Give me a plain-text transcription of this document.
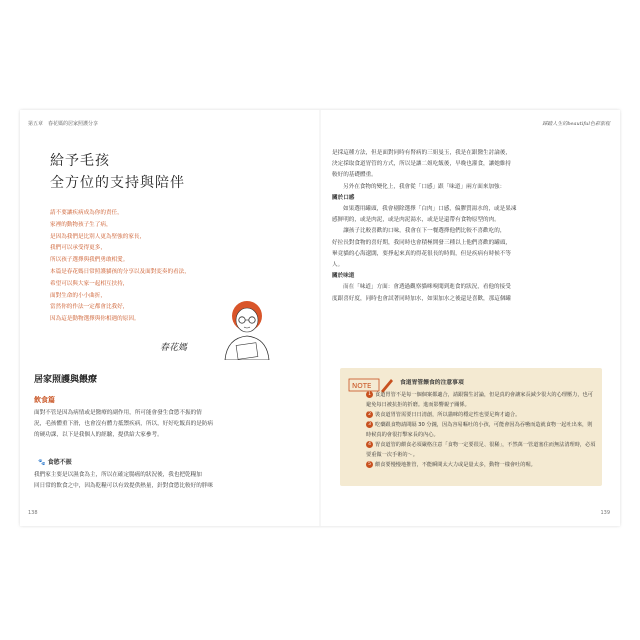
第五章　春花媽的居家照護分享
給予毛孩
全方位的支持與陪伴

請不要讓疾病成為你的責任，

家裡的動物孩子生了病，

是因為我們是比別人更為堅強的家長，

我們可以承受得更多，

所以孩子選擇與我們勇敢相愛。

本篇是春花媽日常照護貓孩的分享以及面對変奏的看法，

希望可以與大家一起相互扶持，

面對生命的小小曲折，

當然你的作法一定都會比我好，

因為這是動物選擇與你相遇的原因。

春花媽
居家照護與餵療
飲食篇

面對不管是因為病情或是醫療的副作用，所可能會發生食慾不振的情

況，毛孩體重下滑，也會沒有體力抵禦疾病，所以，好好吃飯真的是防病

的硬功課，以下是我個人的經驗，提供給大家參考。

🐾 食慾不振

我們家主要是以濕食為主，所以在確定腸癌的狀況後，我也把乾糧加

回日常的飲食之中，因為乾糧可以有效提供熱量，針對食慾比較好的胖咪

138
踩踏人生的beautiful色彩旅程

是採這種方法，但是面對同時有腎病的三姐曼玉，我是在跟醫生討論後，

決定採取食道胃管的方式，所以是讓二姐吃飯後，早晚也灌食，讓她維持

較好的基礎體重。

另外在食物的變化上，我會從「口感」跟「味道」兩方面來加強：

關於口感

如果選用罐頭，我會剔除選擇「白肉」口感，偏膠質湯水的，或是果凍

感鮮明的，或是肉泥，或是肉泥湯水，或是是還帶有食物原型的肉。

　　讓孩子比較喜歡的口味，我會在下一餐選擇他們比較不喜歡吃的，

好拉長對食物的喜好期，我同時也會積極開發三種以上他們喜歡的罐頭，

畢竟貓的心海遼闊，要掙起來真的得花很長的時間，但是疾病有時候不等

人。

關於味道

而在「味道」方面：會透過觀察貓咪嗅聞到進食的狀況，看他的接受

度跟喜好度，同時也會試著同時加水，如果加水之後還是喜歡，那這個罐

NOTE	食道胃管餵食的注意事項

1 食道胃管不是每一個個案都適合，請跟醫生討論，但是真的會讓家長減少很大的心理壓力，也可避免每日被抗拒的折磨。進而影響親子關係。

2 裝食道胃管需要日日清創，所以貓咪的穩定性也要足夠才適合。

3 吃藥跟食物請間隔 30 分鐘，因為容易嘔吐的小孩，可能會因為吞嚥而造就食物一起吐出來，則時候真的會很打擊家長的內心。

4 胃食道管的餵食必須嚴格注意「食物一定要很足、很稀」，不然萬一管道塞住而無法清理時，必須要重做一次手術的～。

5 餵食要慢慢地推管，不能瞬間太大力或是量太多，動物一樣會吐的喔。

139
